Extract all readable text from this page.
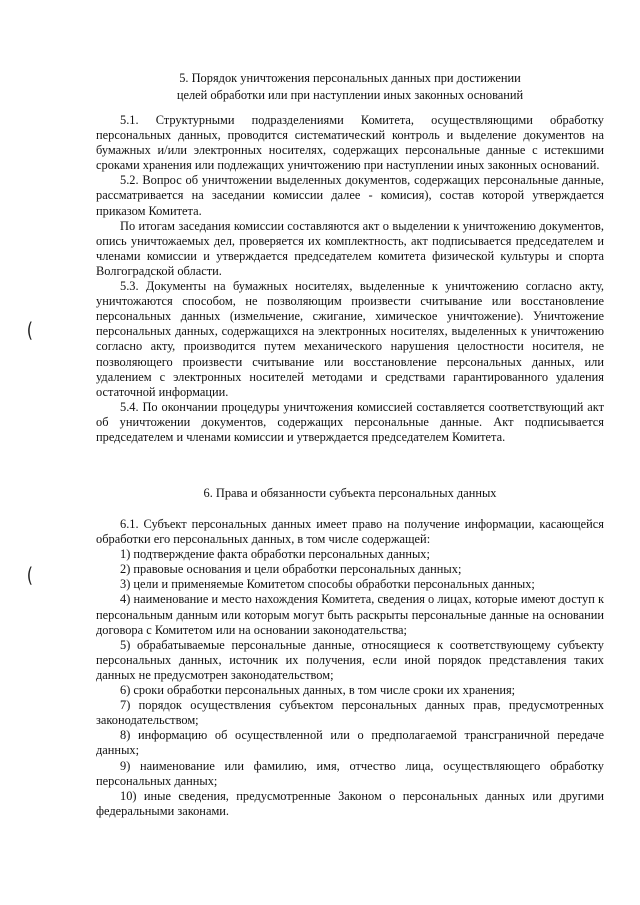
(
(
5. Порядок уничтожения персональных данных при достижении
целей обработки или при наступлении иных законных оснований

5.1. Структурными подразделениями Комитета, осуществляющими обработку персональных данных, проводится систематический контроль и выделение документов на бумажных и/или электронных носителях, содержащих персональные данные с истекшими сроками хранения или подлежащих уничтожению при наступлении иных законных оснований.

5.2. Вопрос об уничтожении выделенных документов, содержащих персональные данные, рассматривается на заседании комиссии далее - комисия), состав которой утверждается приказом Комитета.

По итогам заседания комиссии составляются акт о выделении к уничтожению документов, опись уничтожаемых дел, проверяется их комплектность, акт подписывается председателем и членами комиссии и утверждается председателем комитета физической культуры и спорта Волгоградской области.

5.3. Документы на бумажных носителях, выделенные к уничтожению согласно акту, уничтожаются способом, не позволяющим произвести считывание или восстановление персональных данных (измельчение, сжигание, химическое уничтожение). Уничтожение персональных данных, содержащихся на электронных носителях, выделенных к уничтожению согласно акту, производится путем механического нарушения целостности носителя, не позволяющего произвести считывание или восстановление персональных данных, или удалением с электронных носителей методами и средствами гарантированного удаления остаточной информации.

5.4. По окончании процедуры уничтожения комиссией составляется соответствующий акт об уничтожении документов, содержащих персональные данные. Акт подписывается председателем и членами комиссии и утверждается председателем Комитета.

6. Права и обязанности субъекта персональных данных

6.1. Субъект персональных данных имеет право на получение информации, касающейся обработки его персональных данных, в том числе содержащей:

1) подтверждение факта обработки персональных данных;

2) правовые основания и цели обработки персональных данных;

3) цели и применяемые Комитетом способы обработки персональных данных;

4) наименование и место нахождения Комитета, сведения о лицах, которые имеют доступ к персональным данным или которым могут быть раскрыты персональные данные на основании договора с Комитетом или на основании законодательства;

5) обрабатываемые персональные данные, относящиеся к соответствующему субъекту персональных данных, источник их получения, если иной порядок представления таких данных не предусмотрен законодательством;

6) сроки обработки персональных данных, в том числе сроки их хранения;

7) порядок осуществления субъектом персональных данных прав, предусмотренных законодательством;

8) информацию об осуществленной или о предполагаемой трансграничной передаче данных;

9) наименование или фамилию, имя, отчество лица, осуществляющего обработку персональных данных;

10) иные сведения, предусмотренные Законом о персональных данных или другими федеральными законами.
